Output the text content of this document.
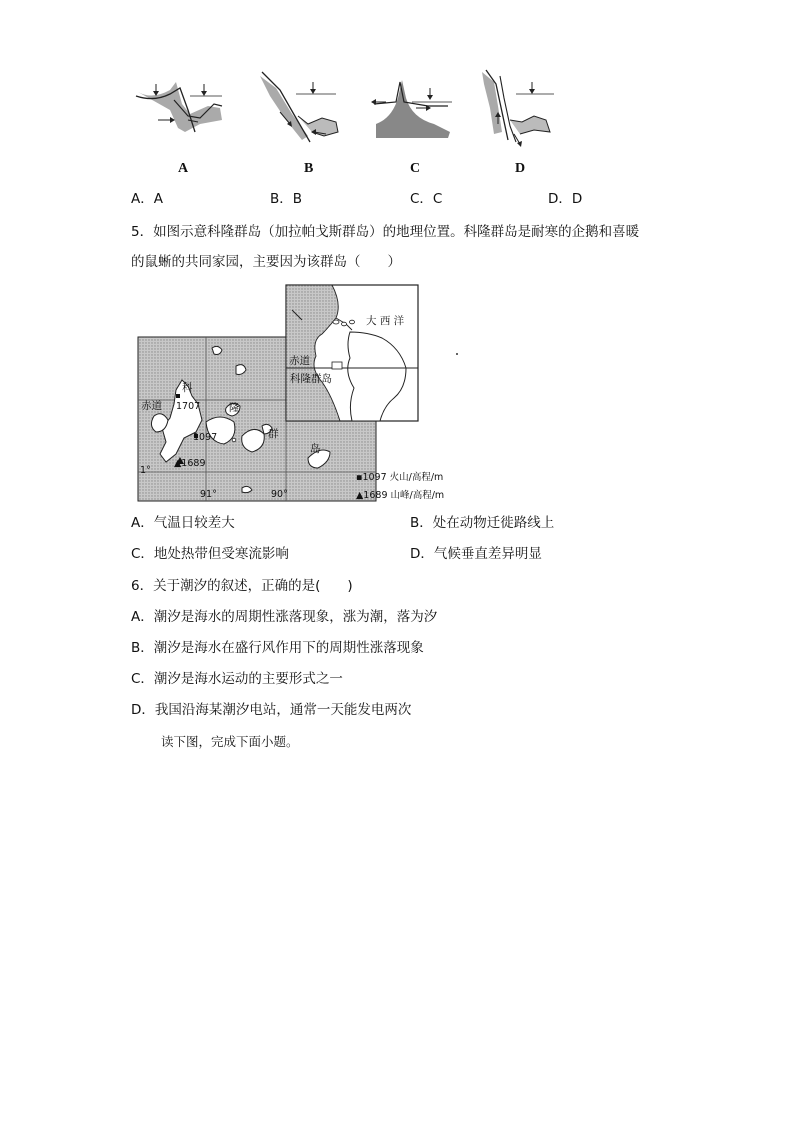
A	B	C	D
A．A	B．B	C．C	D．D
5．如图示意科隆群岛（加拉帕戈斯群岛）的地理位置。科隆群岛是耐寒的企鹅和喜暖
的鼠蜥的共同家园，主要因为该群岛（　　）
大 西 洋
赤道
科隆群岛
赤道
科
隆
群
岛
1707
1097
▲1689
1°
91°	90°
▪1097 火山/高程/m
▲1689 山峰/高程/m
A．气温日较差大	B．处在动物迁徙路线上
C．地处热带但受寒流影响	D．气候垂直差异明显
6．关于潮汐的叙述，正确的是(　　)
A．潮汐是海水的周期性涨落现象，涨为潮，落为汐
B．潮汐是海水在盛行风作用下的周期性涨落现象
C．潮汐是海水运动的主要形式之一
D．我国沿海某潮汐电站，通常一天能发电两次
读下图，完成下面小题。
